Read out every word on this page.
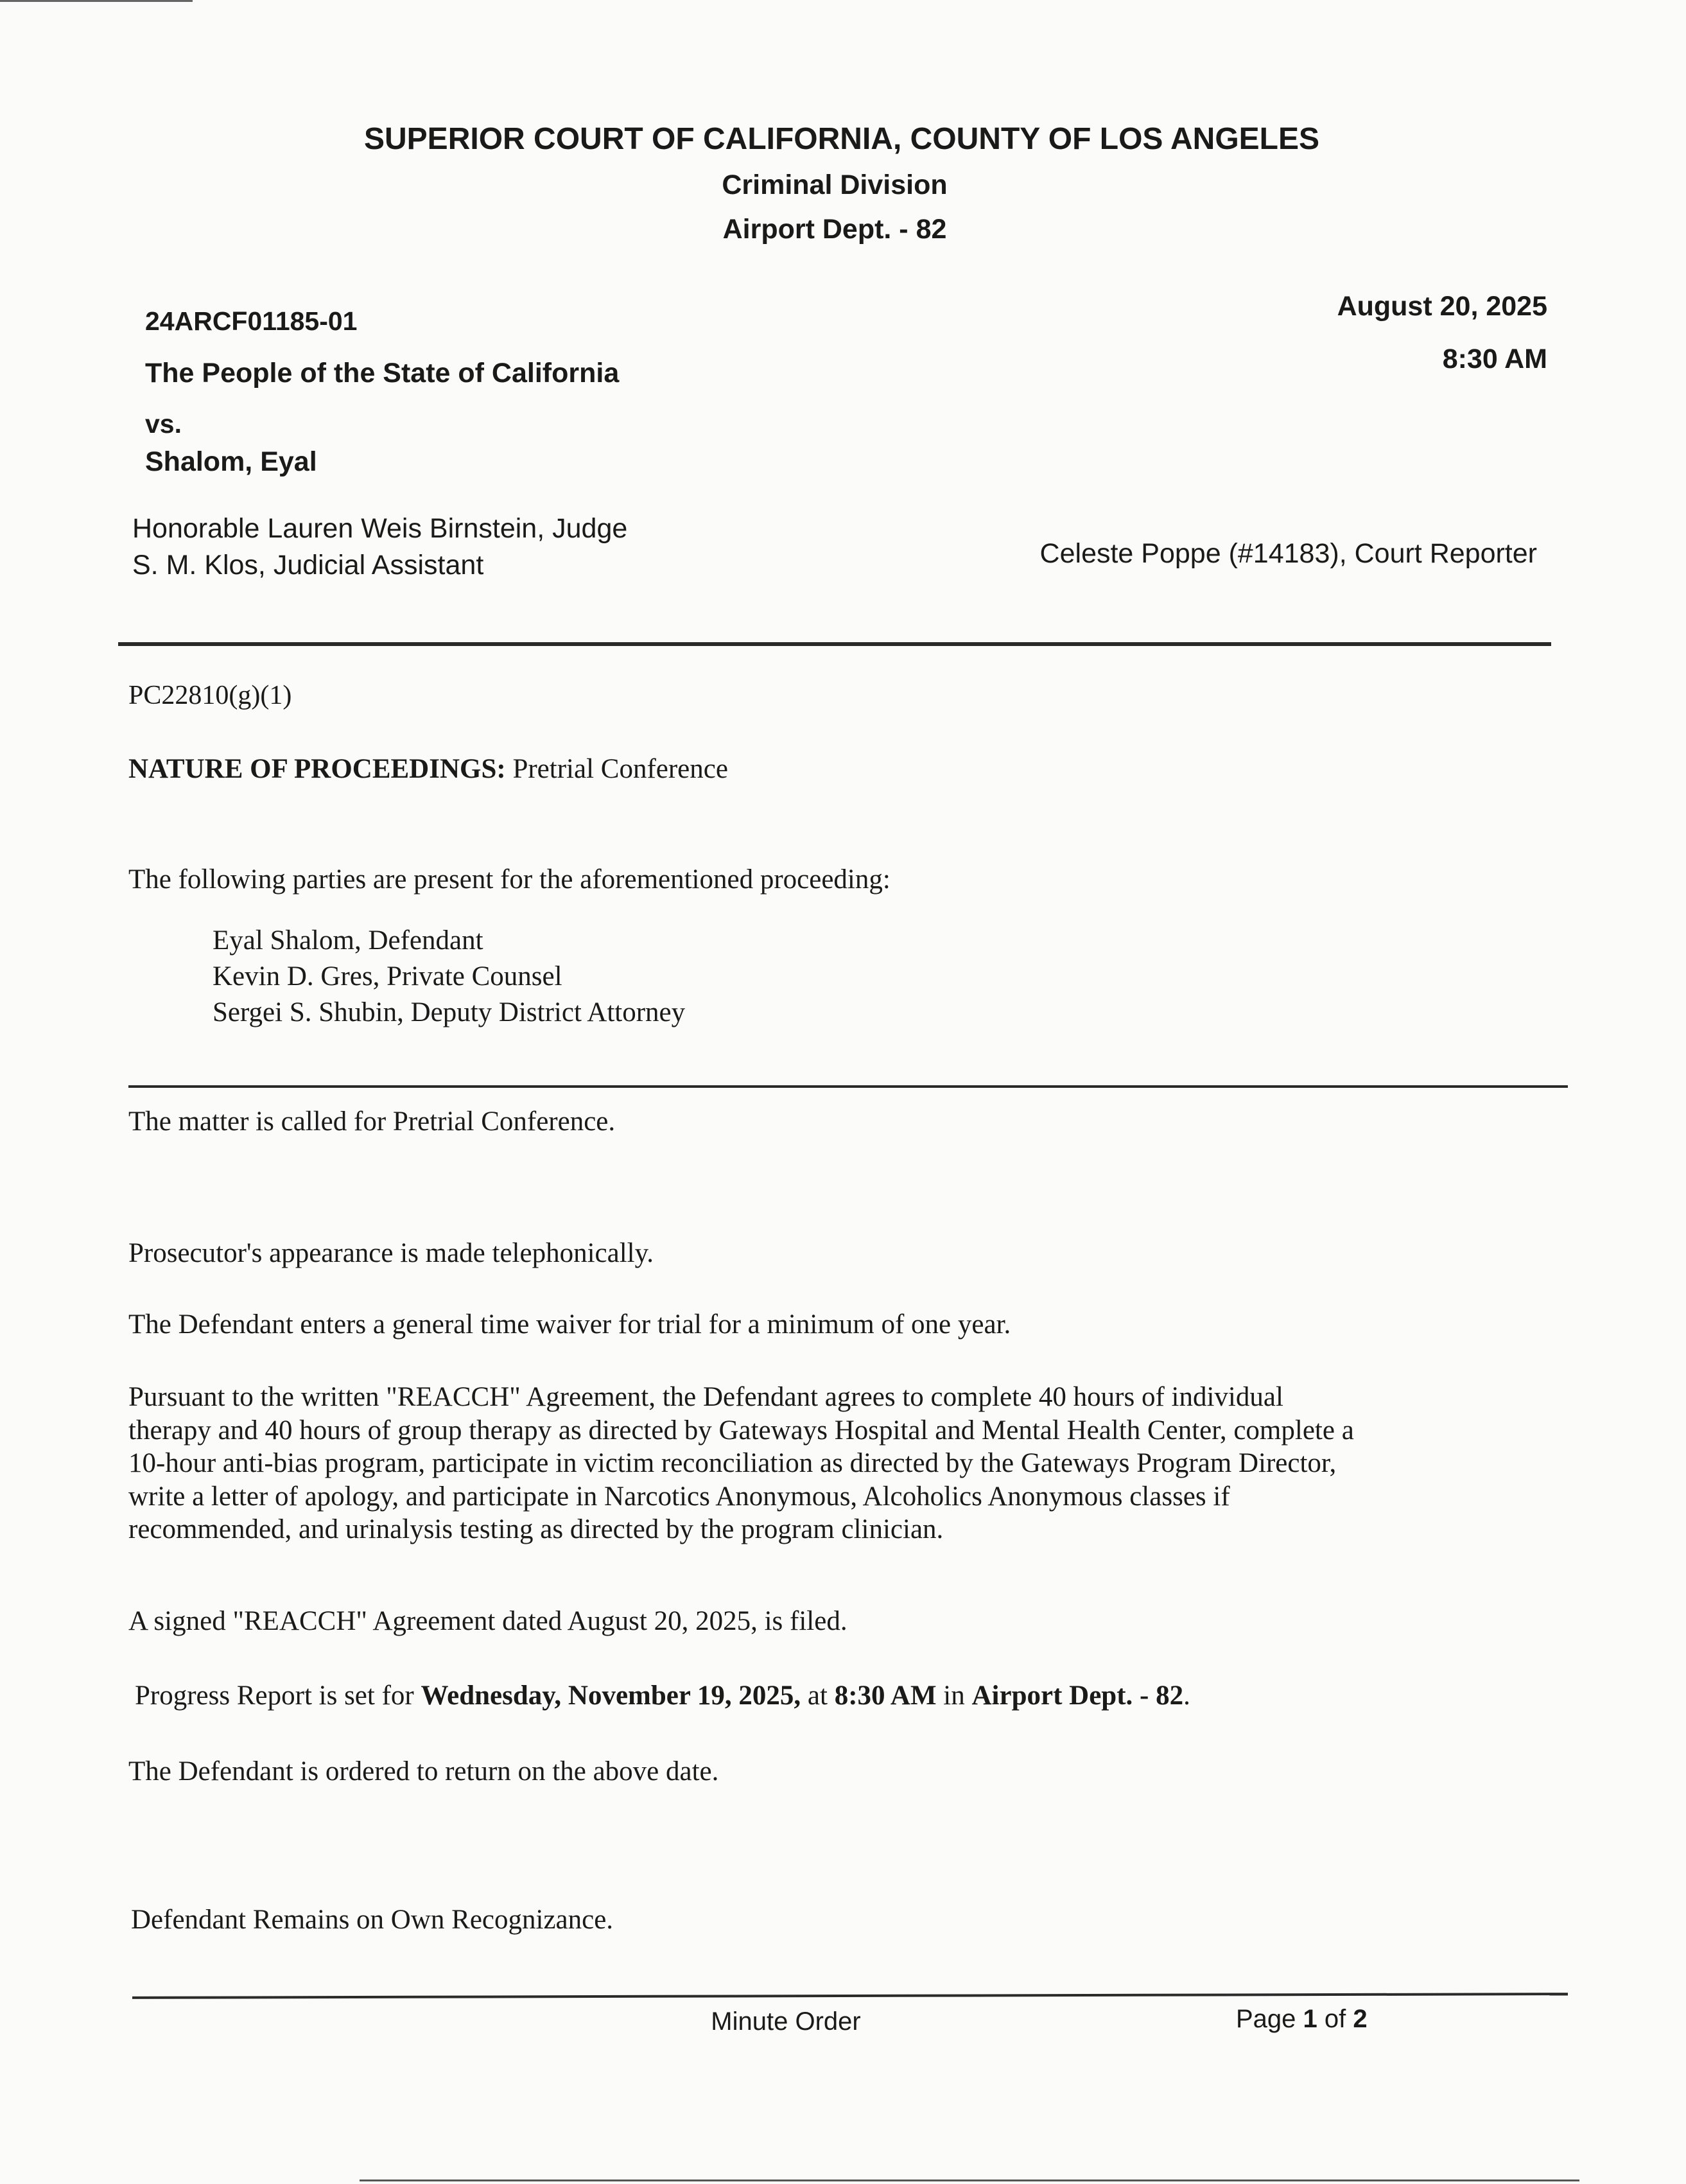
SUPERIOR COURT OF CALIFORNIA, COUNTY OF LOS ANGELES
Criminal Division
Airport Dept. - 82
24ARCF01185-01
The People of the State of California
vs.
Shalom, Eyal
August 20, 2025
8:30 AM
Honorable Lauren Weis Birnstein, Judge
S. M. Klos, Judicial Assistant	Celeste Poppe (#14183), Court Reporter
PC22810(g)(1)
NATURE OF PROCEEDINGS: Pretrial Conference
The following parties are present for the aforementioned proceeding:
Eyal Shalom, Defendant
Kevin D. Gres, Private Counsel
Sergei S. Shubin, Deputy District Attorney
The matter is called for Pretrial Conference.
Prosecutor's appearance is made telephonically.
The Defendant enters a general time waiver for trial for a minimum of one year.
Pursuant to the written "REACCH" Agreement, the Defendant agrees to complete 40 hours of individual
therapy and 40 hours of group therapy as directed by Gateways Hospital and Mental Health Center, complete a
10-hour anti-bias program, participate in victim reconciliation as directed by the Gateways Program Director,
write a letter of apology, and participate in Narcotics Anonymous, Alcoholics Anonymous classes if
recommended, and urinalysis testing as directed by the program clinician.
A signed "REACCH" Agreement dated August 20, 2025, is filed.
Progress Report is set for Wednesday, November 19, 2025, at 8:30 AM in Airport Dept. - 82.
The Defendant is ordered to return on the above date.
Defendant Remains on Own Recognizance.
Minute Order	Page 1 of 2
